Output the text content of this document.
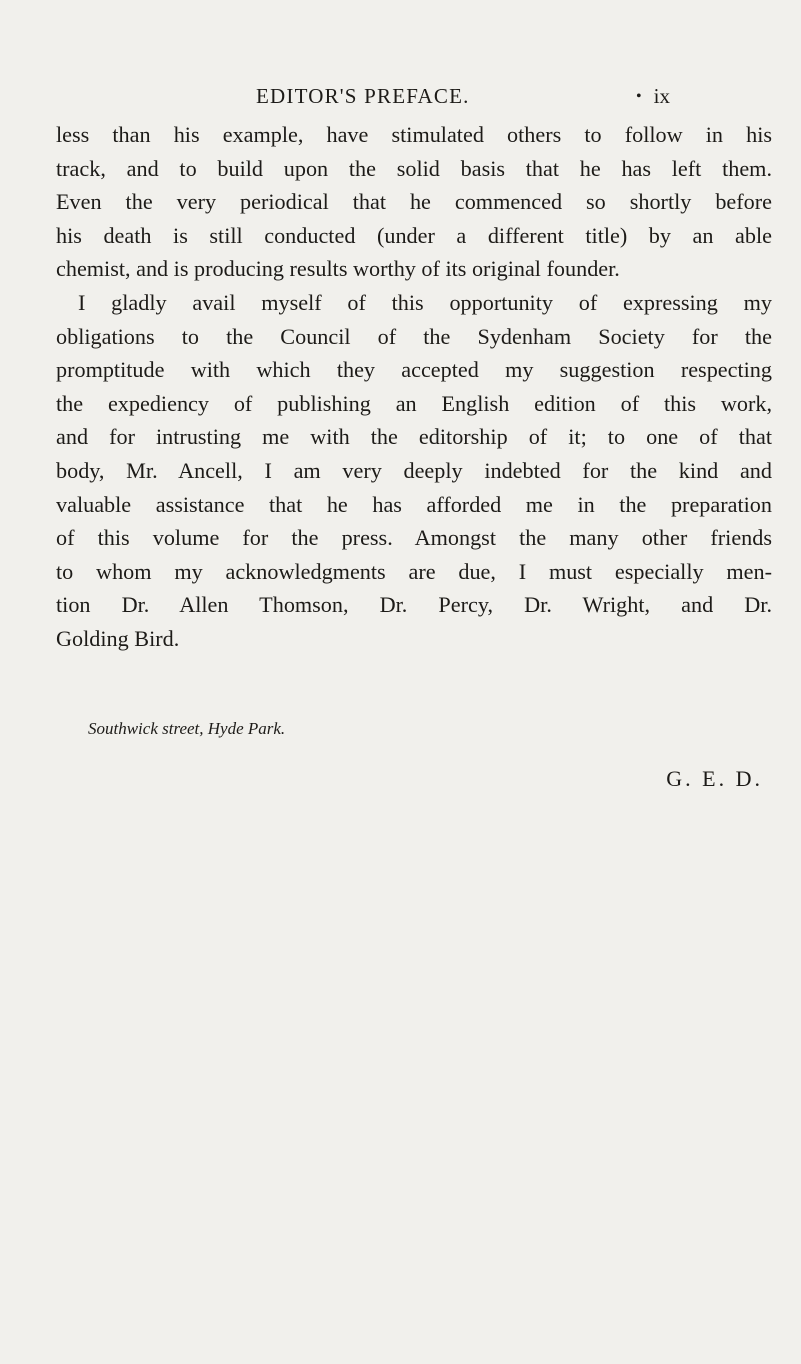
EDITOR'S PREFACE.	• ix
less than his example, have stimulated others to follow in his
track, and to build upon the solid basis that he has left them.
Even the very periodical that he commenced so shortly before
his death is still conducted (under a different title) by an able
chemist, and is producing results worthy of its original founder.
I gladly avail myself of this opportunity of expressing my
obligations to the Council of the Sydenham Society for the
promptitude with which they accepted my suggestion respecting
the expediency of publishing an English edition of this work,
and for intrusting me with the editorship of it; to one of that
body, Mr. Ancell, I am very deeply indebted for the kind and
valuable assistance that he has afforded me in the preparation
of this volume for the press. Amongst the many other friends
to whom my acknowledgments are due, I must especially men-
tion Dr. Allen Thomson, Dr. Percy, Dr. Wright, and Dr.
Golding Bird.
G. E. D.
Southwick street, Hyde Park.
